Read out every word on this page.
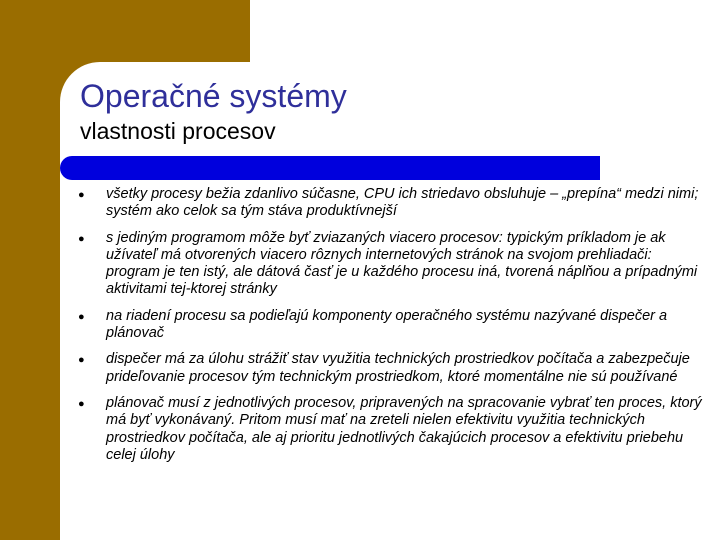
Operačné systémy
vlastnosti procesov
●	všetky procesy bežia zdanlivo súčasne, CPU ich striedavo obsluhuje – „prepína“ medzi nimi; systém ako celok sa tým stáva produktívnejší
●	s jediným programom môže byť zviazaných viacero procesov: typickým príkladom je ak užívateľ má otvorených viacero rôznych internetových stránok na svojom prehliadači: program je ten istý, ale dátová časť je u každého procesu iná, tvorená náplňou a prípadnými aktivitami tej-ktorej stránky
●	na riadení procesu sa podieľajú komponenty operačného systému nazývané dispečer a plánovač
●	dispečer má za úlohu strážiť stav využitia technických prostriedkov počítača a zabezpečuje prideľovanie procesov tým technickým prostriedkom, ktoré momentálne nie sú používané
●	plánovač musí z jednotlivých procesov, pripravených na spracovanie vybrať ten proces, ktorý má byť vykonávaný. Pritom musí mať na zreteli nielen efektivitu využitia technických prostriedkov počítača, ale aj prioritu jednotlivých čakajúcich procesov a efektivitu priebehu celej úlohy
